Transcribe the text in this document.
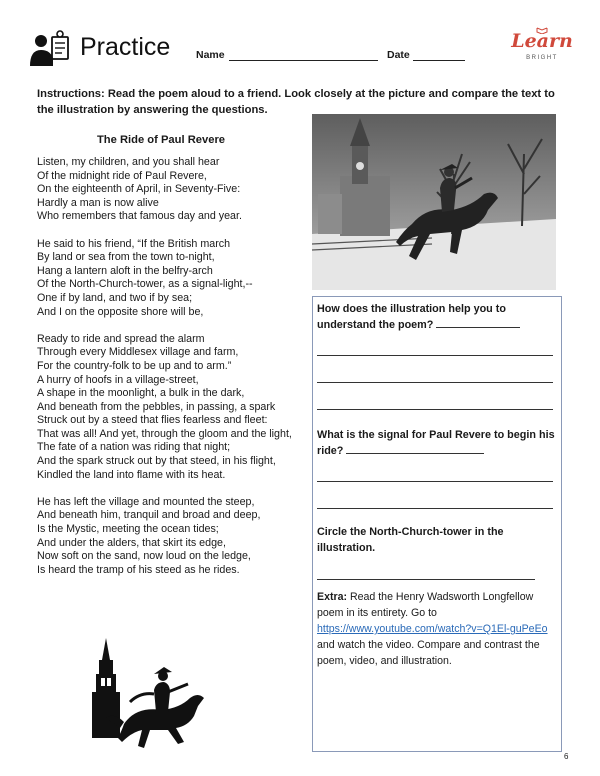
Practice Name	Date
Learn
BRIGHT
Instructions: Read the poem aloud to a friend. Look closely at the picture and compare the text to the illustration by answering the questions.
The Ride of Paul Revere
Listen, my children, and you shall hear
Of the midnight ride of Paul Revere,
On the eighteenth of April, in Seventy-Five:
Hardly a man is now alive
Who remembers that famous day and year.
He said to his friend, “If the British march
By land or sea from the town to-night,
Hang a lantern aloft in the belfry-arch
Of the North-Church-tower, as a signal-light,--
One if by land, and two if by sea;
And I on the opposite shore will be,
Ready to ride and spread the alarm
Through every Middlesex village and farm,
For the country-folk to be up and to arm.”
A hurry of hoofs in a village-street,
A shape in the moonlight, a bulk in the dark,
And beneath from the pebbles, in passing, a spark
Struck out by a steed that flies fearless and fleet:
That was all! And yet, through the gloom and the light,
The fate of a nation was riding that night;
And the spark struck out by that steed, in his flight,
Kindled the land into flame with its heat.
He has left the village and mounted the steep,
And beneath him, tranquil and broad and deep,
Is the Mystic, meeting the ocean tides;
And under the alders, that skirt its edge,
Now soft on the sand, now loud on the ledge,
Is heard the tramp of his steed as he rides.
How does the illustration help you to understand the poem?
What is the signal for Paul Revere to begin his ride?
Circle the North-Church-tower in the illustration.
Extra: Read the Henry Wadsworth Longfellow poem in its entirety. Go to https://www.youtube.com/watch?v=Q1El-guPeEo and watch the video. Compare and contrast the poem, video, and illustration.
6
